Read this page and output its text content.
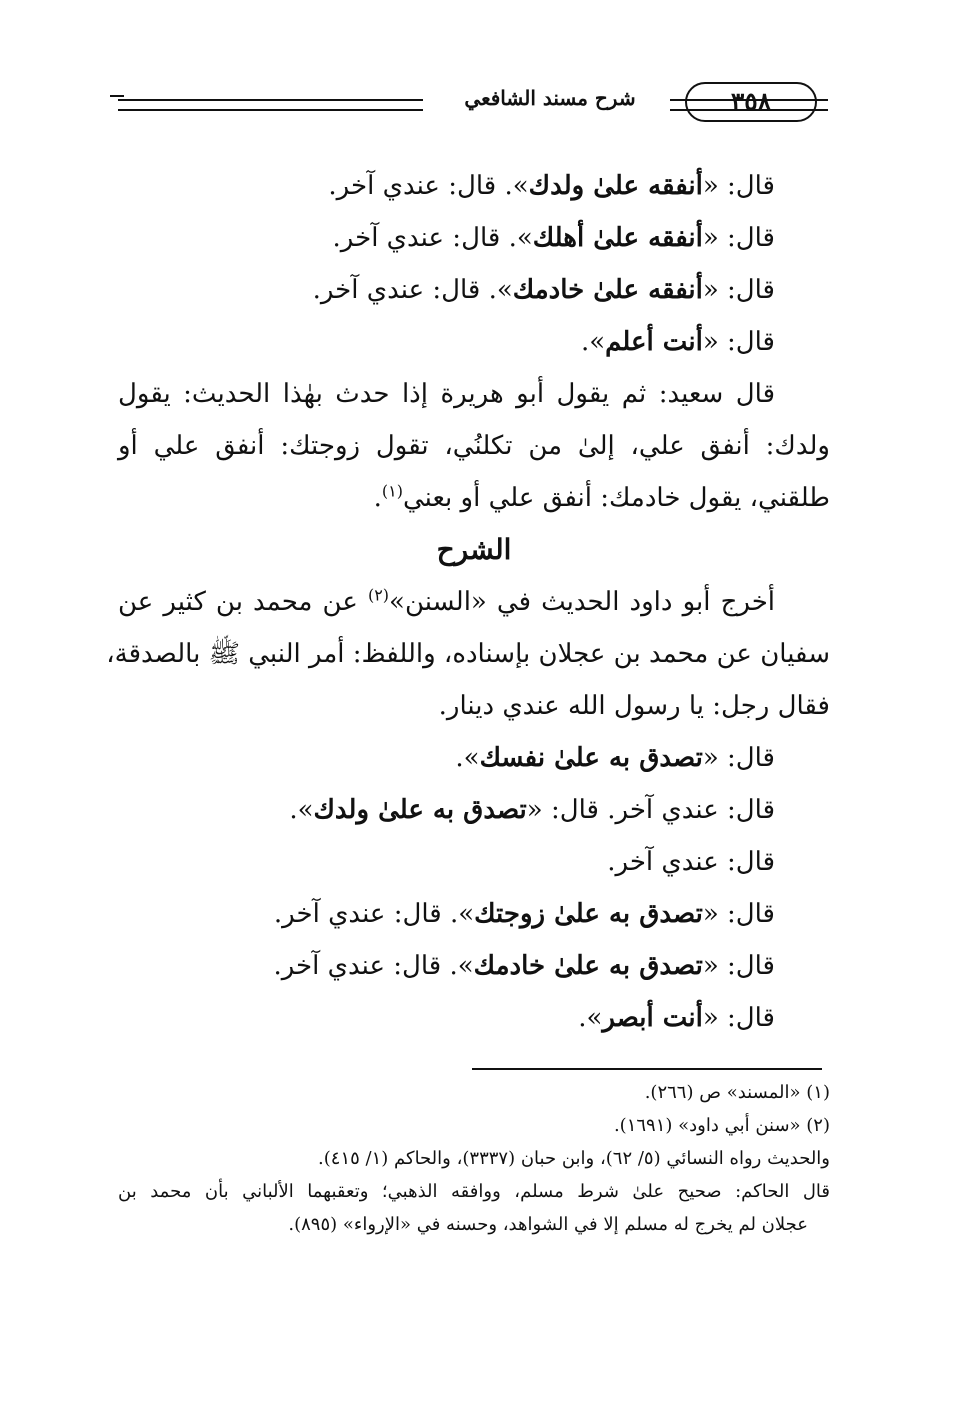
شرح مسند الشافعي	٣٥٨
قال: «أنفقه علىٰ ولدك». قال: عندي آخر.
قال: «أنفقه علىٰ أهلك». قال: عندي آخر.
قال: «أنفقه علىٰ خادمك». قال: عندي آخر.
قال: «أنت أعلم».
قال سعيد: ثم يقول أبو هريرة إذا حدث بهٰذا الحديث: يقول
ولدك: أنفق علي، إلىٰ من تكلنُي، تقول زوجتك: أنفق علي أو
طلقني، يقول خادمك: أنفق علي أو بعني$^{(١)}$.
الشرح
أخرج أبو داود الحديث في «السنن»$^{(٢)}$ عن محمد بن كثير عن
سفيان عن محمد بن عجلان بإسناده، واللفظ: أمر النبي ﷺ بالصدقة،
فقال رجل: يا رسول الله عندي دينار.
قال: «تصدق به علىٰ نفسك».
قال: عندي آخر. قال: «تصدق به علىٰ ولدك».
قال: عندي آخر.
قال: «تصدق به علىٰ زوجتك». قال: عندي آخر.
قال: «تصدق به علىٰ خادمك». قال: عندي آخر.
قال: «أنت أبصر».
(١) «المسند» ص (٢٦٦).
(٢) «سنن أبي داود» (١٦٩١).
والحديث رواه النسائي (٥/ ٦٢)، وابن حبان (٣٣٣٧)، والحاكم (١/ ٤١٥).
قال الحاكم: صحيح علىٰ شرط مسلم، ووافقه الذهبي؛ وتعقبهما الألباني بأن محمد بن
عجلان لم يخرج له مسلم إلا في الشواهد، وحسنه في «الإرواء» (٨٩٥).
